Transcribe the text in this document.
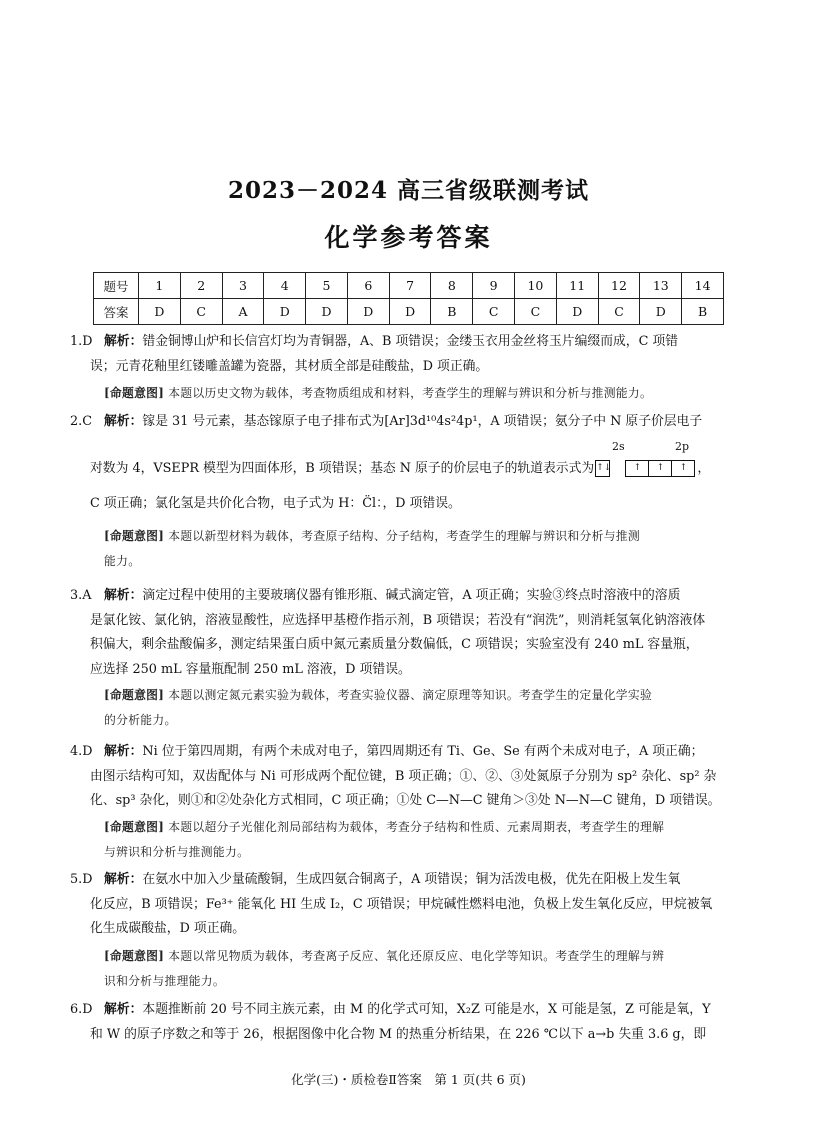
2023－2024 高三省级联测考试
化学参考答案
题号	1	2	3	4	5	6	7	8	9	10	11	12	13	14
答案	D	C	A	D	D	D	D	B	C	C	D	C	D	B
1.D 解析：错金铜博山炉和长信宫灯均为青铜器，A、B 项错误；金缕玉衣用金丝将玉片编缀而成，C 项错
误；元青花釉里红镂雕盖罐为瓷器，其材质全部是硅酸盐，D 项正确。
[命题意图] 本题以历史文物为载体，考查物质组成和材料，考查学生的理解与辨识和分析与推测能力。
2.C 解析：镓是 31 号元素，基态镓原子电子排布式为[Ar]3d¹⁰4s²4p¹，A 项错误；氨分子中 N 原子价层电子
2s	2p
对数为 4，VSEPR 模型为四面体形，B 项错误；基态 N 原子的价层电子的轨道表示式为 ↑↓
	↑	↑	↑ ，
C 项正确；氯化氢是共价化合物，电子式为 H：C̈l：，D 项错误。
[命题意图] 本题以新型材料为载体，考查原子结构、分子结构，考查学生的理解与辨识和分析与推测
能力。
3.A 解析：滴定过程中使用的主要玻璃仪器有锥形瓶、碱式滴定管，A 项正确；实验③终点时溶液中的溶质
是氯化铵、氯化钠，溶液显酸性，应选择甲基橙作指示剂，B 项错误；若没有“润洗”，则消耗氢氧化钠溶液体
积偏大，剩余盐酸偏多，测定结果蛋白质中氮元素质量分数偏低，C 项错误；实验室没有 240 mL 容量瓶，
应选择 250 mL 容量瓶配制 250 mL 溶液，D 项错误。
[命题意图] 本题以测定氮元素实验为载体，考查实验仪器、滴定原理等知识。考查学生的定量化学实验
的分析能力。
4.D 解析：Ni 位于第四周期，有两个未成对电子，第四周期还有 Ti、Ge、Se 有两个未成对电子，A 项正确；
由图示结构可知，双齿配体与 Ni 可形成两个配位键，B 项正确；①、②、③处氮原子分别为 sp² 杂化、sp² 杂
化、sp³ 杂化，则①和②处杂化方式相同，C 项正确；①处 C—N—C 键角＞③处 N—N—C 键角，D 项错误。
[命题意图] 本题以超分子光催化剂局部结构为载体，考查分子结构和性质、元素周期表，考查学生的理解
与辨识和分析与推测能力。
5.D 解析：在氨水中加入少量硫酸铜，生成四氨合铜离子，A 项错误；铜为活泼电极，优先在阳极上发生氧
化反应，B 项错误；Fe³⁺ 能氧化 HI 生成 I₂，C 项错误；甲烷碱性燃料电池，负极上发生氧化反应，甲烷被氧
化生成碳酸盐，D 项正确。
[命题意图] 本题以常见物质为载体，考查离子反应、氧化还原反应、电化学等知识。考查学生的理解与辨
识和分析与推理能力。
6.D 解析：本题推断前 20 号不同主族元素，由 M 的化学式可知，X₂Z 可能是水，X 可能是氢，Z 可能是氧，Y
和 W 的原子序数之和等于 26，根据图像中化合物 M 的热重分析结果，在 226 ℃以下 a→b 失重 3.6 g，即
化学(三)・质检卷Ⅱ答案　第 1 页(共 6 页)
